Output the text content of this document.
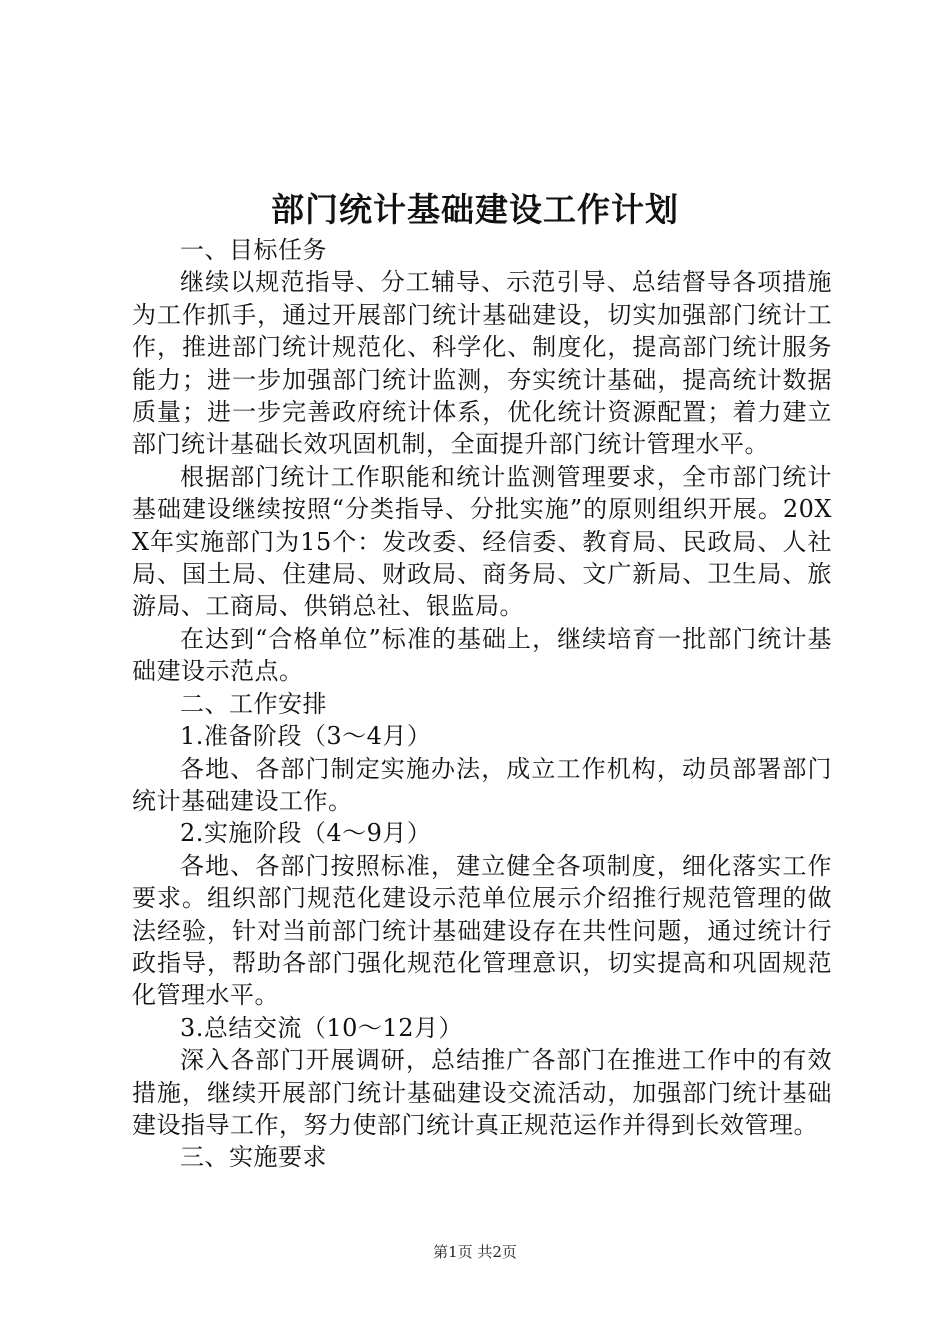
部门统计基础建设工作计划

一、目标任务

继续以规范指导、分工辅导、示范引导、总结督导各项措施为工作抓手，通过开展部门统计基础建设，切实加强部门统计工作，推进部门统计规范化、科学化、制度化，提高部门统计服务能力；进一步加强部门统计监测，夯实统计基础，提高统计数据质量；进一步完善政府统计体系，优化统计资源配置；着力建立部门统计基础长效巩固机制，全面提升部门统计管理水平。

根据部门统计工作职能和统计监测管理要求，全市部门统计基础建设继续按照“分类指导、分批实施”的原则组织开展。20XX年实施部门为15个：发改委、经信委、教育局、民政局、人社局、国土局、住建局、财政局、商务局、文广新局、卫生局、旅游局、工商局、供销总社、银监局。

在达到“合格单位”标准的基础上，继续培育一批部门统计基础建设示范点。

二、工作安排

1.准备阶段（3～4月）

各地、各部门制定实施办法，成立工作机构，动员部署部门统计基础建设工作。

2.实施阶段（4～9月）

各地、各部门按照标准，建立健全各项制度，细化落实工作要求。组织部门规范化建设示范单位展示介绍推行规范管理的做法经验，针对当前部门统计基础建设存在共性问题，通过统计行政指导，帮助各部门强化规范化管理意识，切实提高和巩固规范化管理水平。

3.总结交流（10～12月）

深入各部门开展调研，总结推广各部门在推进工作中的有效措施，继续开展部门统计基础建设交流活动，加强部门统计基础建设指导工作，努力使部门统计真正规范运作并得到长效管理。

三、实施要求

第1页 共2页
